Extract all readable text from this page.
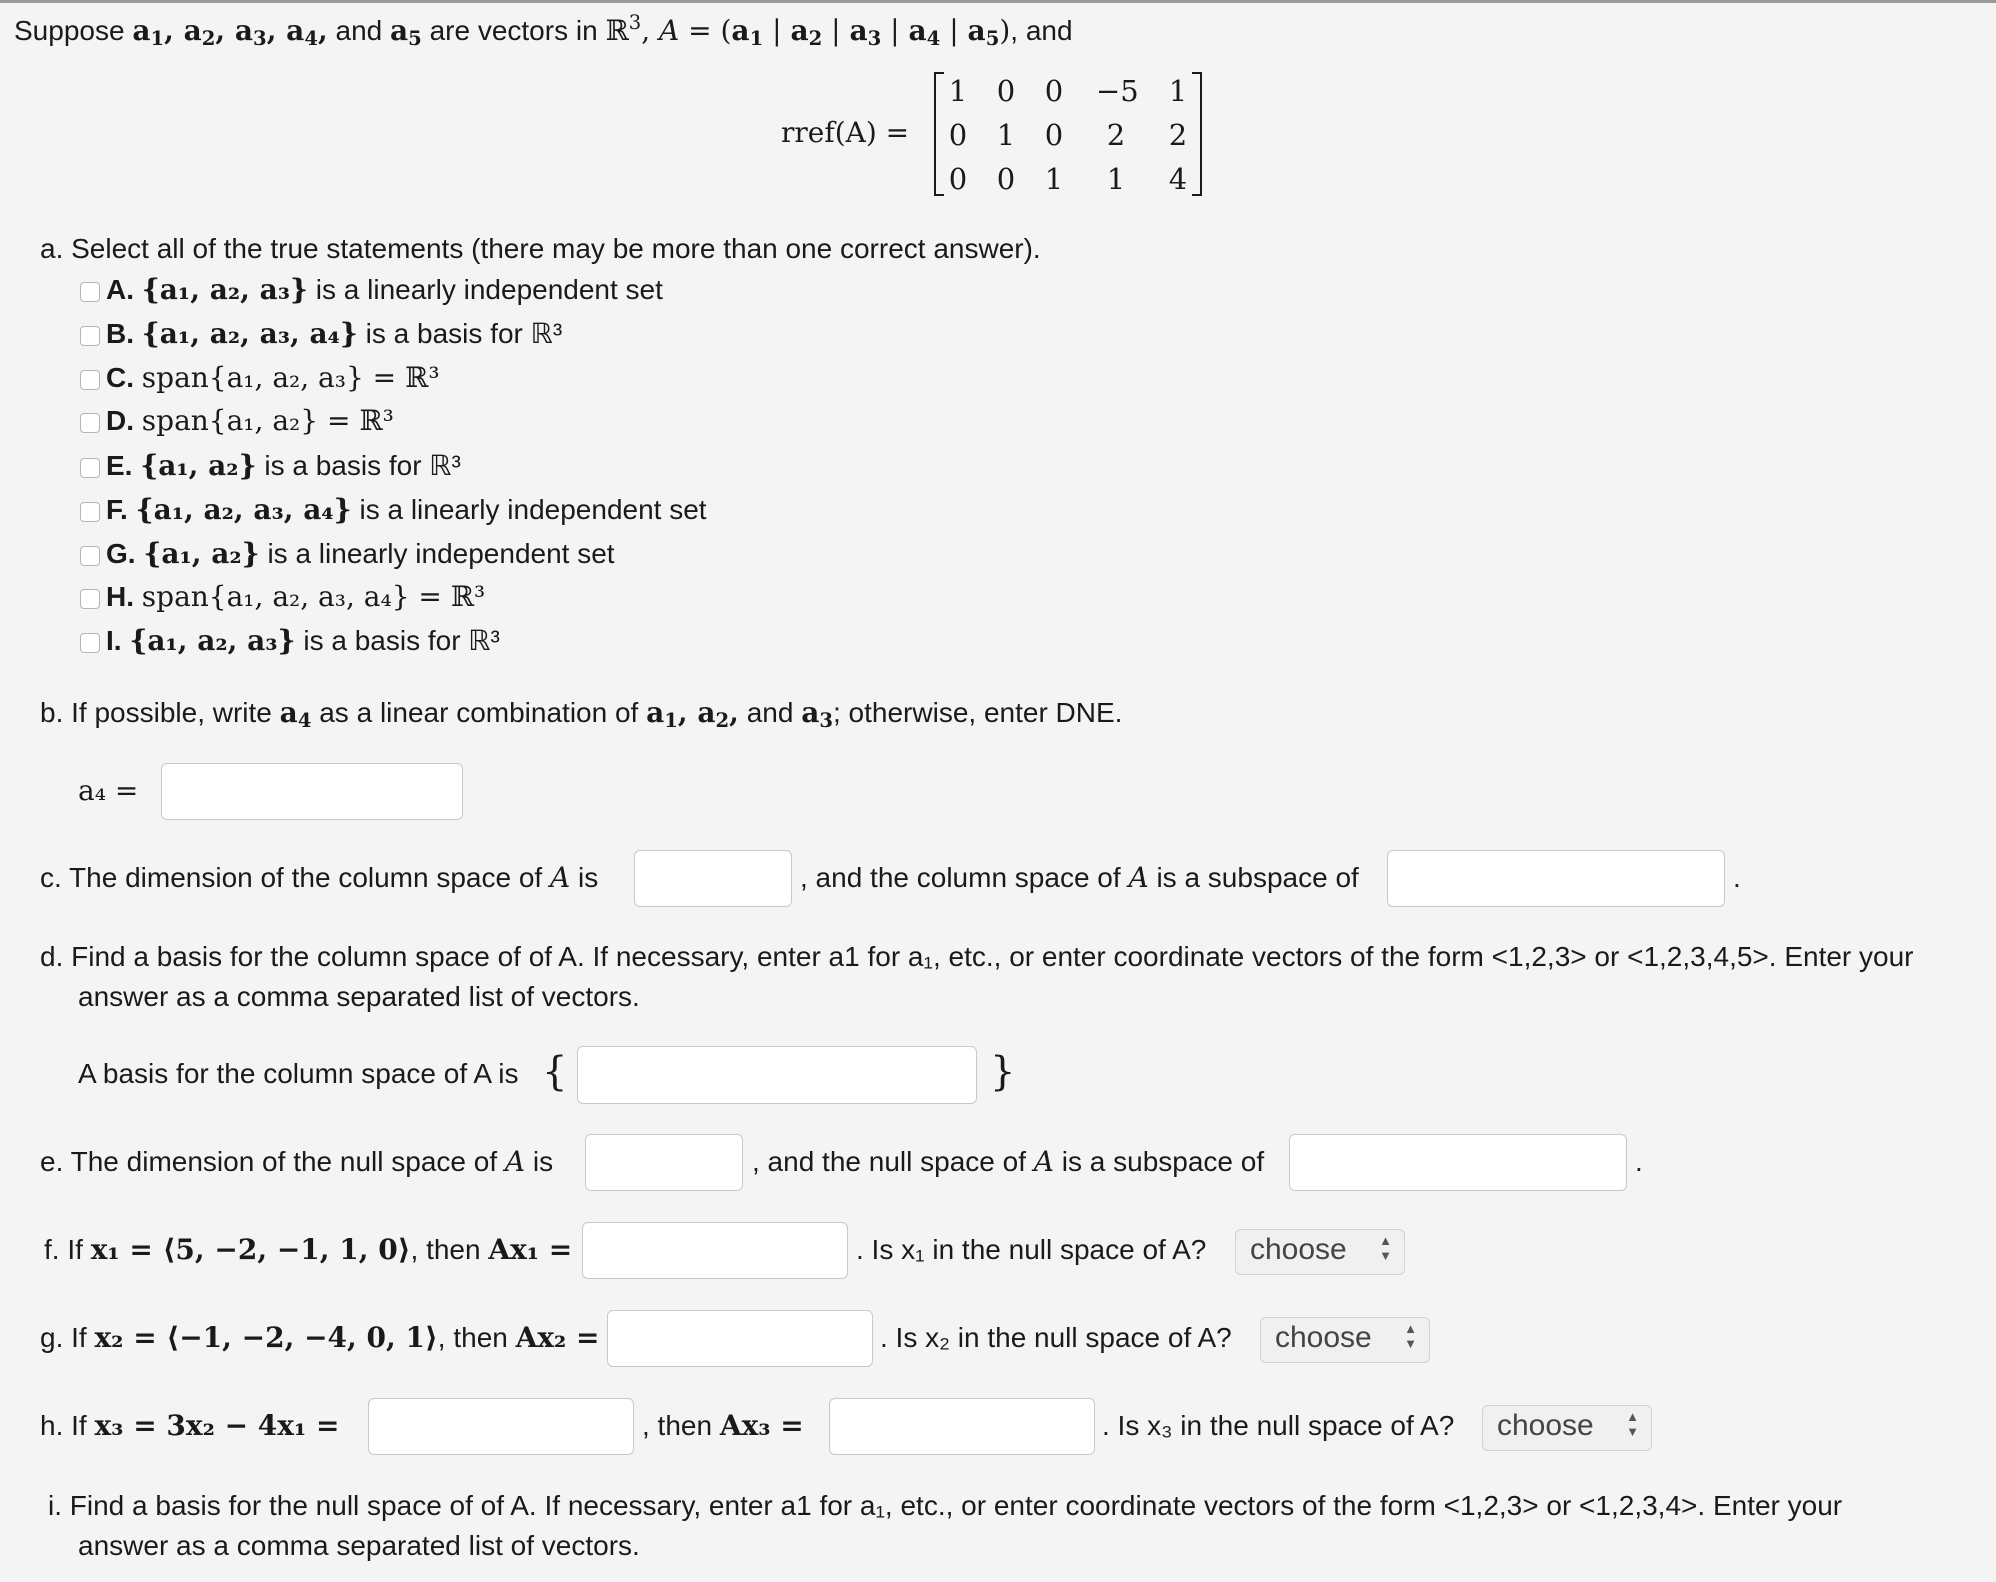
Suppose $a_1$, $a_2$, $a_3$, $a_4$, and $a_5$ are vectors in ℝ$^3$, $A = (a_1$ | $a_2$ | $a_3$ | $a_4$ | $a_5$), and
rref(A) =
1	0	0	−5	1
0	1	0	2	2
0	0	1	1	4
a. Select all of the true statements (there may be more than one correct answer).
A. {a₁, a₂, a₃} is a linearly independent set
B. {a₁, a₂, a₃, a₄} is a basis for ℝ³
C. span{a₁, a₂, a₃} = ℝ³
D. span{a₁, a₂} = ℝ³
E. {a₁, a₂} is a basis for ℝ³
F. {a₁, a₂, a₃, a₄} is a linearly independent set
G. {a₁, a₂} is a linearly independent set
H. span{a₁, a₂, a₃, a₄} = ℝ³
I. {a₁, a₂, a₃} is a basis for ℝ³
b. If possible, write $a_4$ as a linear combination of $a_1$, $a_2$, and $a_3$; otherwise, enter DNE.
a₄ =
c. The dimension of the column space of A is	, and the column space of A is a subspace of	.
d. Find a basis for the column space of of A. If necessary, enter a1 for a₁, etc., or enter coordinate vectors of the form <1,2,3> or <1,2,3,4,5>. Enter your
answer as a comma separated list of vectors.
A basis for the column space of A is {	}
e. The dimension of the null space of A is	, and the null space of A is a subspace of	.
f. If x₁ = ⟨5, −2, −1, 1, 0⟩, then Ax₁ =	. Is x₁ in the null space of A?	choose ▲
▼
g. If x₂ = ⟨−1, −2, −4, 0, 1⟩, then Ax₂ =	. Is x₂ in the null space of A?	choose ▲
▼
h. If x₃ = 3x₂ − 4x₁ =	, then Ax₃ =	. Is x₃ in the null space of A?	choose ▲
▼
i. Find a basis for the null space of of A. If necessary, enter a1 for a₁, etc., or enter coordinate vectors of the form <1,2,3> or <1,2,3,4>. Enter your
answer as a comma separated list of vectors.
